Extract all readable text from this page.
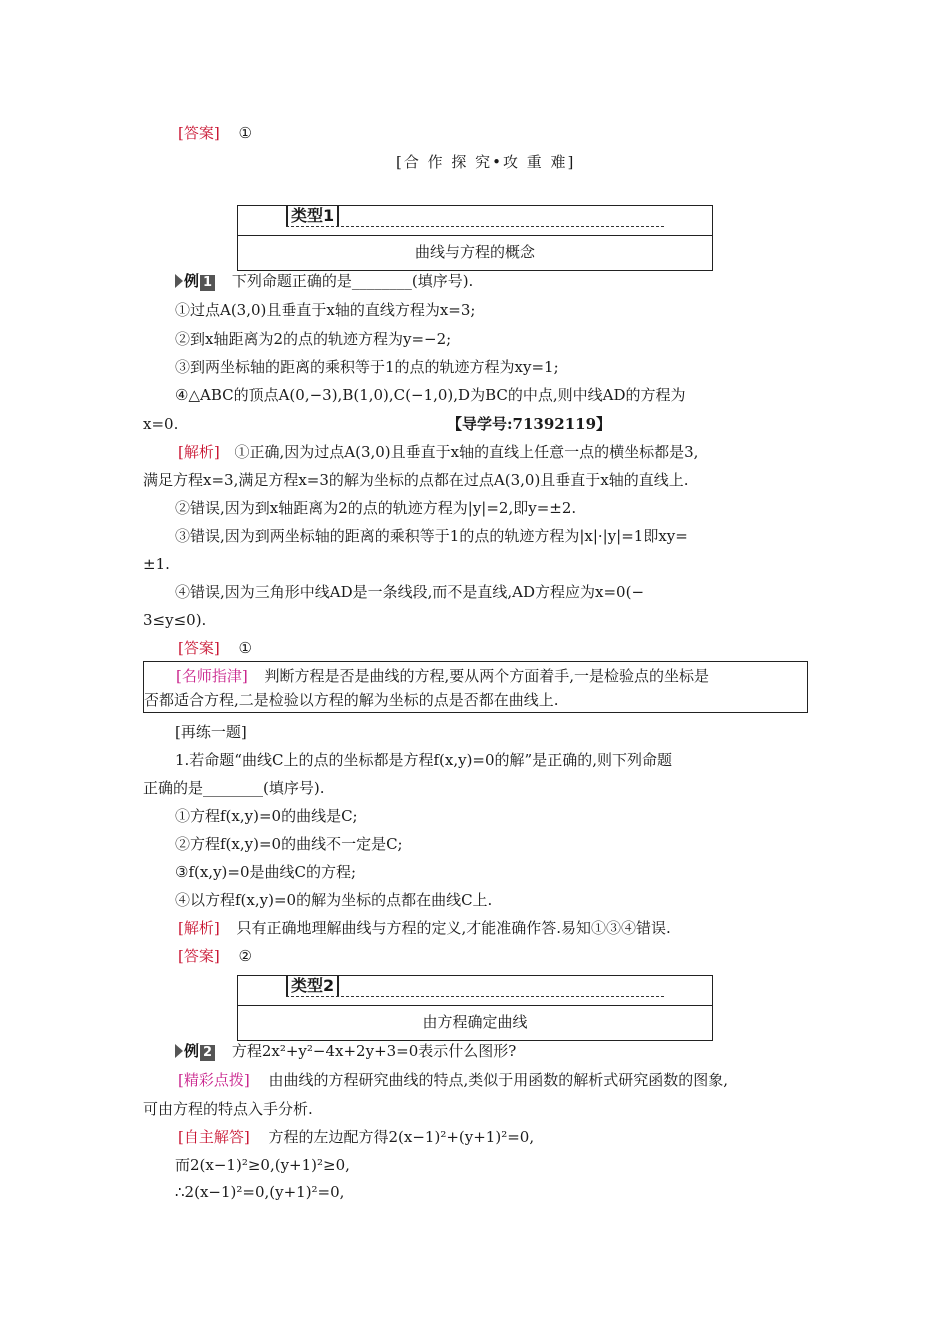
[答案] ①
[合 作 探 究•攻 重 难]
类型1
曲线与方程的概念
例 1 下列命题正确的是________(填序号).
①过点A(3,0)且垂直于x轴的直线方程为x=3;
②到x轴距离为2的点的轨迹方程为y=−2;
③到两坐标轴的距离的乘积等于1的点的轨迹方程为xy=1;
④△ABC的顶点A(0,−3),B(1,0),C(−1,0),D为BC的中点,则中线AD的方程为
x=0.	【导学号:71392119】
[解析] ①正确,因为过点A(3,0)且垂直于x轴的直线上任意一点的横坐标都是3,
满足方程x=3,满足方程x=3的解为坐标的点都在过点A(3,0)且垂直于x轴的直线上.
②错误,因为到x轴距离为2的点的轨迹方程为|y|=2,即y=±2.
③错误,因为到两坐标轴的距离的乘积等于1的点的轨迹方程为|x|·|y|=1即xy=
±1.
④错误,因为三角形中线AD是一条线段,而不是直线,AD方程应为x=0(−
3≤y≤0).
[答案] ①
[名师指津] 判断方程是否是曲线的方程,要从两个方面着手,一是检验点的坐标是
否都适合方程,二是检验以方程的解为坐标的点是否都在曲线上.
[再练一题]
1.若命题“曲线C上的点的坐标都是方程f(x,y)=0的解”是正确的,则下列命题
正确的是________(填序号).
①方程f(x,y)=0的曲线是C;
②方程f(x,y)=0的曲线不一定是C;
③f(x,y)=0是曲线C的方程;
④以方程f(x,y)=0的解为坐标的点都在曲线C上.
[解析] 只有正确地理解曲线与方程的定义,才能准确作答.易知①③④错误.
[答案] ②
类型2
由方程确定曲线
例 2 方程2x²+y²−4x+2y+3=0表示什么图形?
[精彩点拨] 由曲线的方程研究曲线的特点,类似于用函数的解析式研究函数的图象,
可由方程的特点入手分析.
[自主解答] 方程的左边配方得2(x−1)²+(y+1)²=0,
而2(x−1)²≥0,(y+1)²≥0,
∴2(x−1)²=0,(y+1)²=0,
